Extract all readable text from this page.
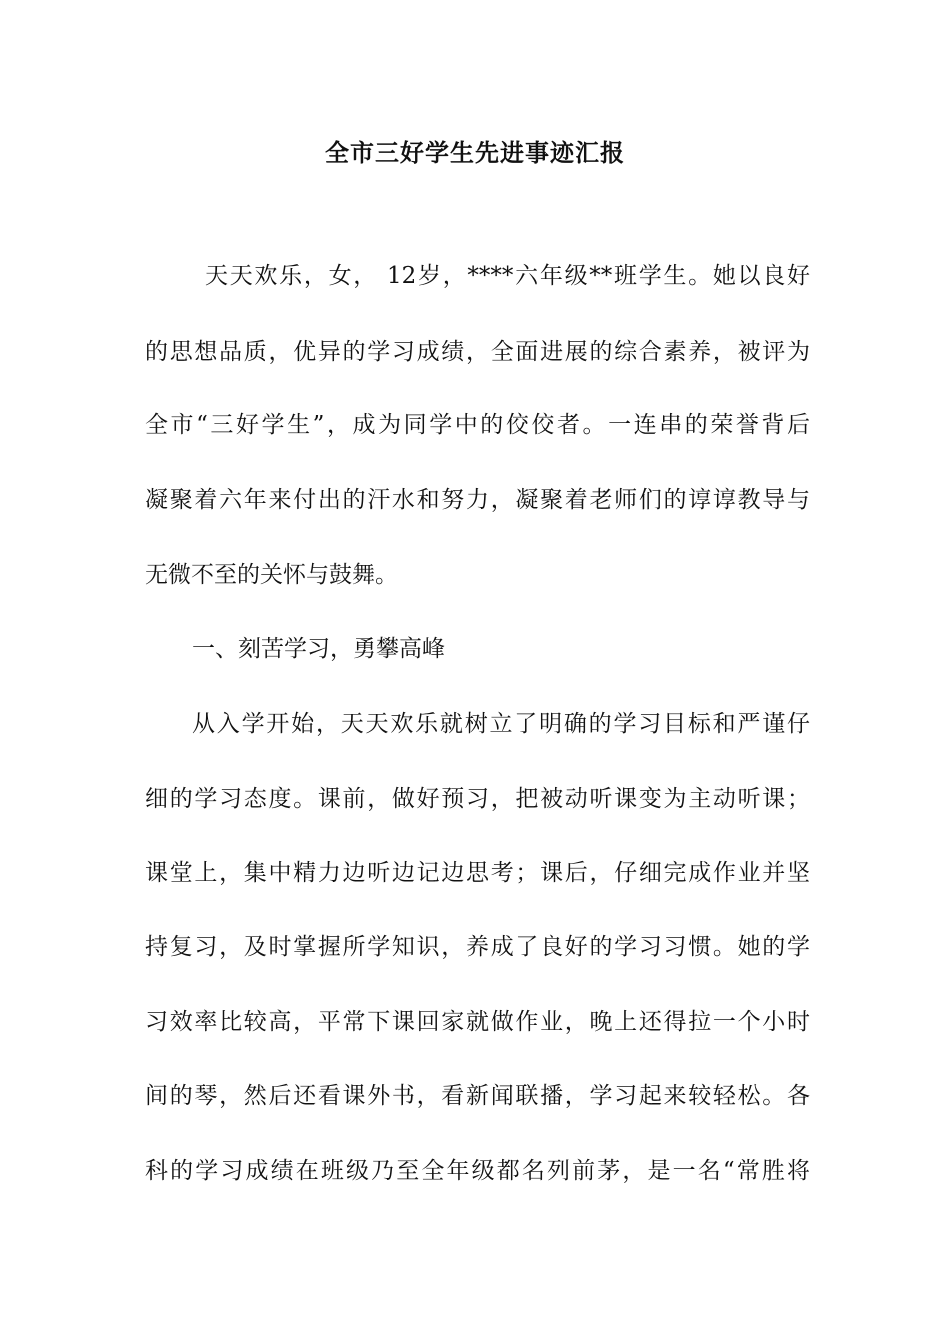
全市三好学生先进事迹汇报
天天欢乐，女， 12岁，****六年级**班学生。她以良好
的思想品质，优异的学习成绩，全面进展的综合素养，被评为
全市“三好学生”，成为同学中的佼佼者。一连串的荣誉背后
凝聚着六年来付出的汗水和努力，凝聚着老师们的谆谆教导与
无微不至的关怀与鼓舞。
一、刻苦学习，勇攀高峰
从入学开始，天天欢乐就树立了明确的学习目标和严谨仔
细的学习态度。课前，做好预习，把被动听课变为主动听课；
课堂上，集中精力边听边记边思考；课后，仔细完成作业并坚
持复习，及时掌握所学知识，养成了良好的学习习惯。她的学
习效率比较高，平常下课回家就做作业，晚上还得拉一个小时
间的琴，然后还看课外书，看新闻联播，学习起来较轻松。各
科的学习成绩在班级乃至全年级都名列前茅，是一名“常胜将
